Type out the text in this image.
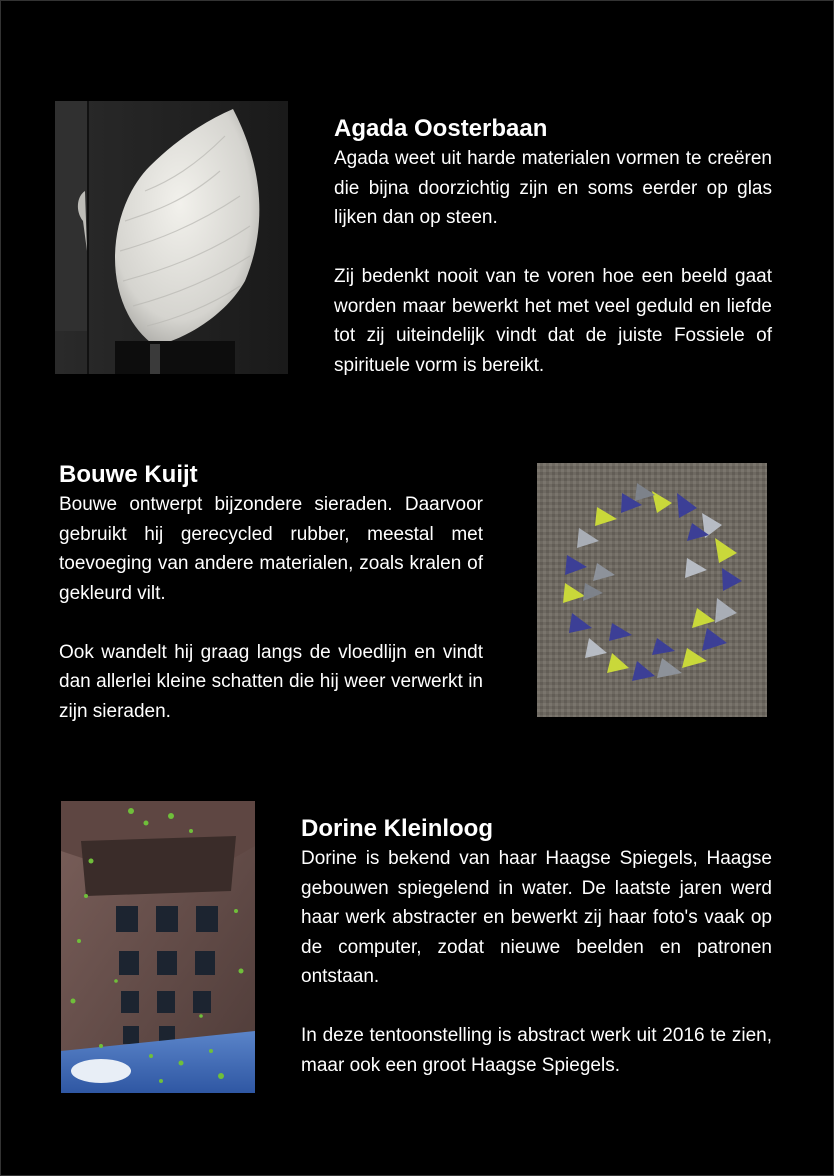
Agada Oosterbaan

Agada weet uit harde materialen vormen te creëren die bijna doorzichtig zijn en soms eerder op glas lijken dan op steen.

Zij bedenkt nooit van te voren hoe een beeld gaat worden maar bewerkt het met veel geduld en liefde tot zij uiteindelijk vindt dat de juiste Fossiele of spirituele vorm is bereikt.

Bouwe Kuijt

Bouwe ontwerpt bijzondere sieraden. Daarvoor gebruikt hij gerecycled rubber, meestal met toevoeging van andere materialen, zoals kralen of gekleurd vilt.

Ook wandelt hij graag langs de vloedlijn en vindt dan allerlei kleine schatten die hij weer verwerkt in zijn sieraden.

Dorine Kleinloog

Dorine is bekend van haar Haagse Spiegels, Haagse gebouwen spiegelend in water. De laatste jaren werd haar werk abstracter en bewerkt zij haar foto's vaak op de computer, zodat nieuwe beelden en patronen ontstaan.

In deze tentoonstelling is abstract werk uit 2016 te zien, maar ook een groot Haagse Spiegels.
